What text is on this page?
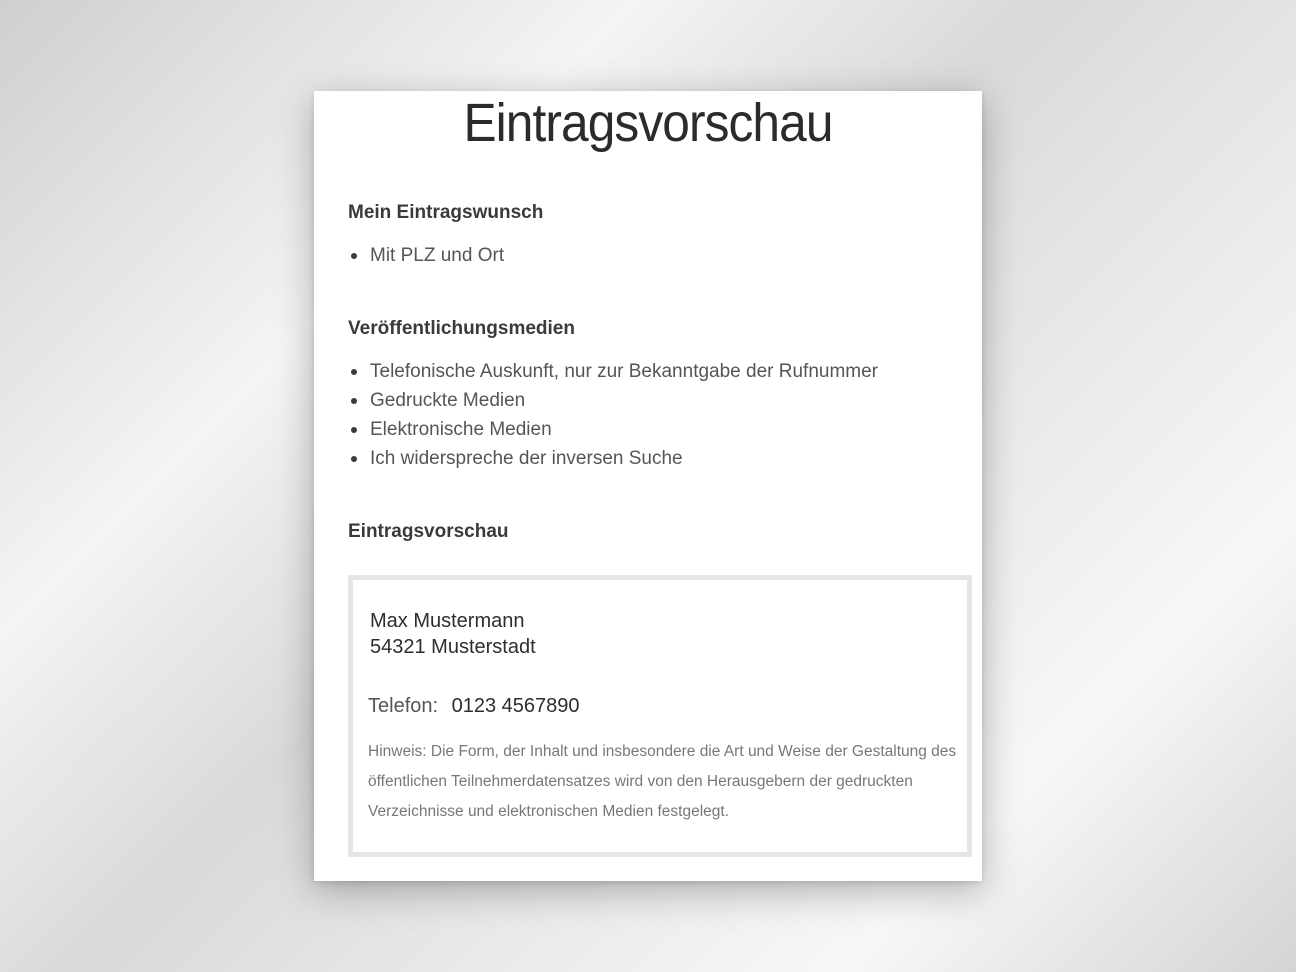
Eintragsvorschau
Mein Eintragswunsch
Mit PLZ und Ort
Veröffentlichungsmedien
Telefonische Auskunft, nur zur Bekanntgabe der Rufnummer
Gedruckte Medien
Elektronische Medien
Ich widerspreche der inversen Suche
Eintragsvorschau
Max Mustermann
54321 Musterstadt
Telefon: 0123 4567890

Hinweis: Die Form, der Inhalt und insbesondere die Art und Weise der Gestaltung des öffentlichen Teilnehmerdatensatzes wird von den Herausgebern der gedruckten Verzeichnisse und elektronischen Medien festgelegt.
